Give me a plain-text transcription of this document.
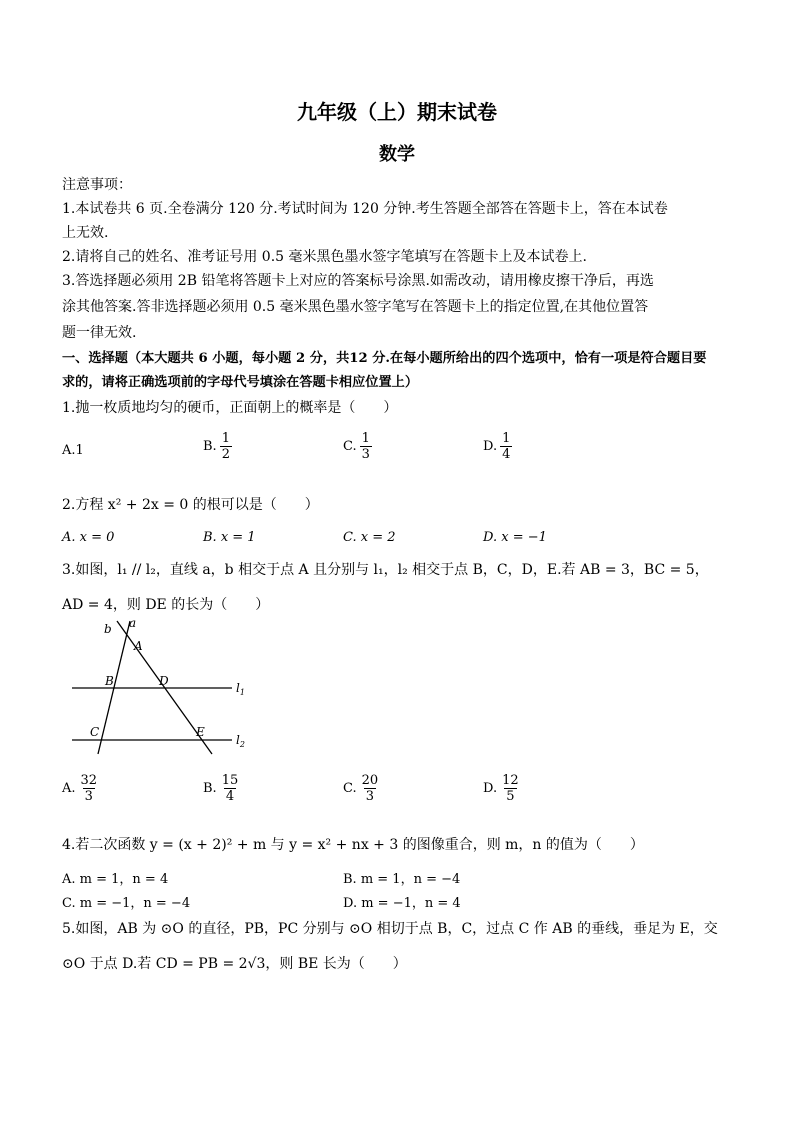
九年级（上）期末试卷
数学
注意事项：
1.本试卷共 6 页.全卷满分 120 分.考试时间为 120 分钟.考生答题全部答在答题卡上，答在本试卷
上无效.
2.请将自己的姓名、准考证号用 0.5 毫米黑色墨水签字笔填写在答题卡上及本试卷上.
3.答选择题必须用 2B 铅笔将答题卡上对应的答案标号涂黑.如需改动，请用橡皮擦干净后，再选
涂其他答案.答非选择题必须用 0.5 毫米黑色墨水签字笔写在答题卡上的指定位置,在其他位置答
题一律无效.
一、选择题（本大题共 6 小题，每小题 2 分，共12 分.在每小题所给出的四个选项中，恰有一项是符合题目要
求的，请将正确选项前的字母代号填涂在答题卡相应位置上）
1.抛一枚质地均匀的硬币，正面朝上的概率是（　　）
A.1	B. $\frac{1}{2}$	C. $\frac{1}{3}$	D. $\frac{1}{4}$
2.方程 x² + 2x = 0 的根可以是（　　）
A. x = 0	B. x = 1	C. x = 2	D. x = −1
3.如图，l₁ // l₂，直线 a，b 相交于点 A 且分别与 l₁，l₂ 相交于点 B，C，D，E.若 AB = 3，BC = 5，
AD = 4，则 DE 的长为（　　）
b a
A
B	D
C	E
$l_1$
$l_2$
A. $\frac{32}{3}$	B. $\frac{15}{4}$	C. $\frac{20}{3}$	D. $\frac{12}{5}$
4.若二次函数 y = (x + 2)² + m 与 y = x² + nx + 3 的图像重合，则 m，n 的值为（　　）
A. m = 1，n = 4	B. m = 1，n = −4
C. m = −1，n = −4	D. m = −1，n = 4
5.如图，AB 为 ⊙O 的直径，PB，PC 分别与 ⊙O 相切于点 B，C，过点 C 作 AB 的垂线，垂足为 E，交
⊙O 于点 D.若 CD = PB = 2√3，则 BE 长为（　　）
